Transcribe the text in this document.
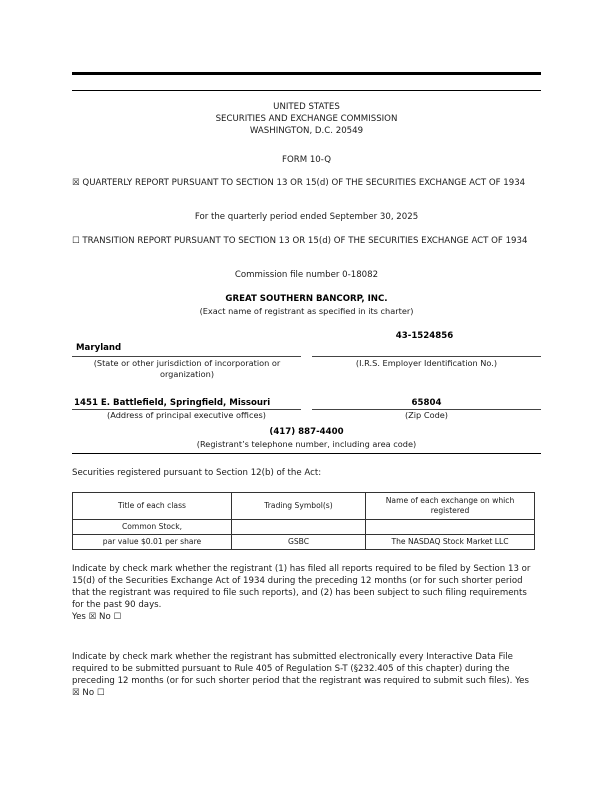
UNITED STATES
SECURITIES AND EXCHANGE COMMISSION
WASHINGTON, D.C. 20549
FORM 10-Q
☒ QUARTERLY REPORT PURSUANT TO SECTION 13 OR 15(d) OF THE SECURITIES EXCHANGE ACT OF 1934
For the quarterly period ended September 30, 2025
☐ TRANSITION REPORT PURSUANT TO SECTION 13 OR 15(d) OF THE SECURITIES EXCHANGE ACT OF 1934
Commission file number 0-18082
GREAT SOUTHERN BANCORP, INC.
(Exact name of registrant as specified in its charter)
43-1524856
(I.R.S. Employer Identification No.)
Maryland
(State or other jurisdiction of incorporation or organization)
1451 E. Battlefield, Springfield, Missouri
(Address of principal executive offices)
65804
(Zip Code)
(417) 887-4400
(Registrant’s telephone number, including area code)
Securities registered pursuant to Section 12(b) of the Act:
Title of each class	Trading Symbol(s)	Name of each exchange on which registered
Common Stock,		
par value $0.01 per share	GSBC	The NASDAQ Stock Market LLC
Indicate by check mark whether the registrant (1) has filed all reports required to be filed by Section 13 or 15(d) of the Securities Exchange Act of 1934 during the preceding 12 months (or for such shorter period that the registrant was required to file such reports), and (2) has been subject to such filing requirements for the past 90 days.
Yes ☒ No ☐
Indicate by check mark whether the registrant has submitted electronically every Interactive Data File required to be submitted pursuant to Rule 405 of Regulation S-T (§232.405 of this chapter) during the preceding 12 months (or for such shorter period that the registrant was required to submit such files). Yes ☒ No ☐
